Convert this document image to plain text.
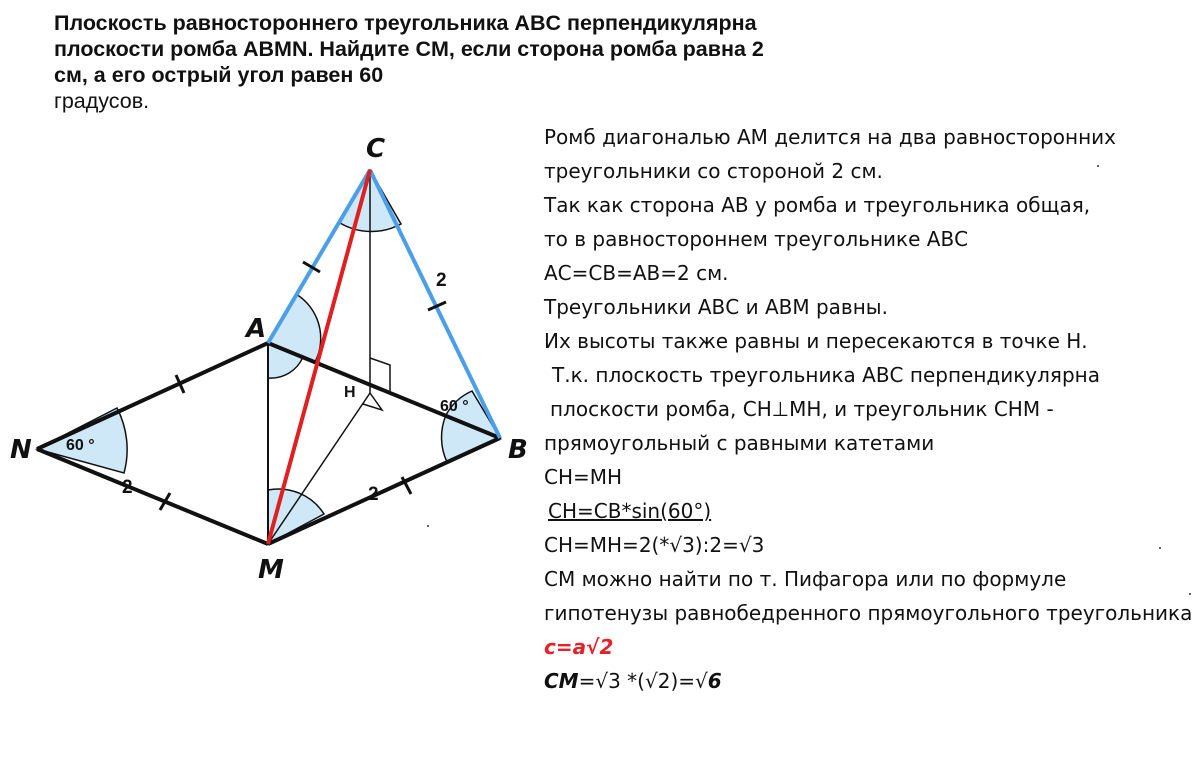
Плоскость равностороннего треугольника ABC перпендикулярна
плоскости ромба ABMN. Найдите CM, если сторона ромба равна 2
см, а его острый угол равен 60
градусов.
C
A
B
N
M
H
2
2	2
60 °
60 °
Ромб диагональю АМ делится на два равносторонних
треугольники со стороной 2 см.
Так как сторона АВ у ромба и треугольника общая,
то в равностороннем треугольнике АВС
АС=СВ=АВ=2 см.
Треугольники АВС и АВМ равны.
Их высоты также равны и пересекаются в точке Н.
Т.к. плоскость треугольника АВС перпендикулярна
плоскости ромба, СН⊥МН, и треугольник СНМ -
прямоугольный с равными катетами
СН=МН
CH=CB*sin(60°)
СН=МН=2(*√3):2=√3
СМ можно найти по т. Пифагора или по формуле
гипотенузы равнобедренного прямоугольного треугольника
с=а√2
СМ=√3 *(√2)=√6
